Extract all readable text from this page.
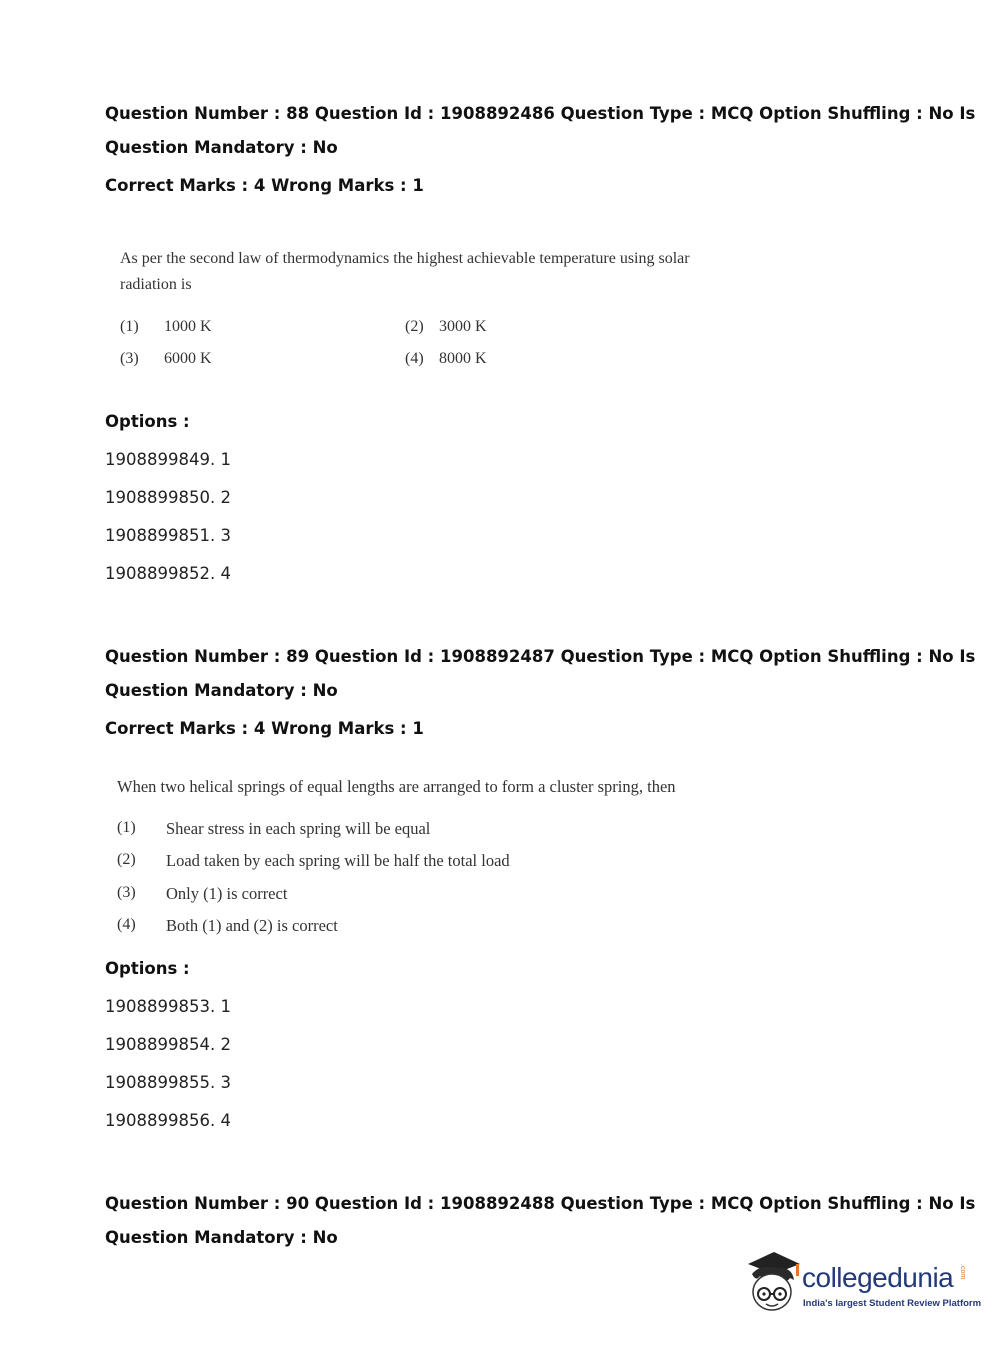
Question Number : 88 Question Id : 1908892486 Question Type : MCQ Option Shuffling : No Is
Question Mandatory : No
Correct Marks : 4 Wrong Marks : 1
As per the second law of thermodynamics the highest achievable temperature using solar
radiation is
(1) 1000 K	(2) 3000 K
(3) 6000 K	(4) 8000 K
Options :
1908899849. 1
1908899850. 2
1908899851. 3
1908899852. 4
Question Number : 89 Question Id : 1908892487 Question Type : MCQ Option Shuffling : No Is
Question Mandatory : No
Correct Marks : 4 Wrong Marks : 1
When two helical springs of equal lengths are arranged to form a cluster spring, then
(1) Shear stress in each spring will be equal
(2) Load taken by each spring will be half the total load
(3) Only (1) is correct
(4) Both (1) and (2) is correct
Options :
1908899853. 1
1908899854. 2
1908899855. 3
1908899856. 4
Question Number : 90 Question Id : 1908892488 Question Type : MCQ Option Shuffling : No Is
Question Mandatory : No
collegedunia .com
India's largest Student Review Platform
